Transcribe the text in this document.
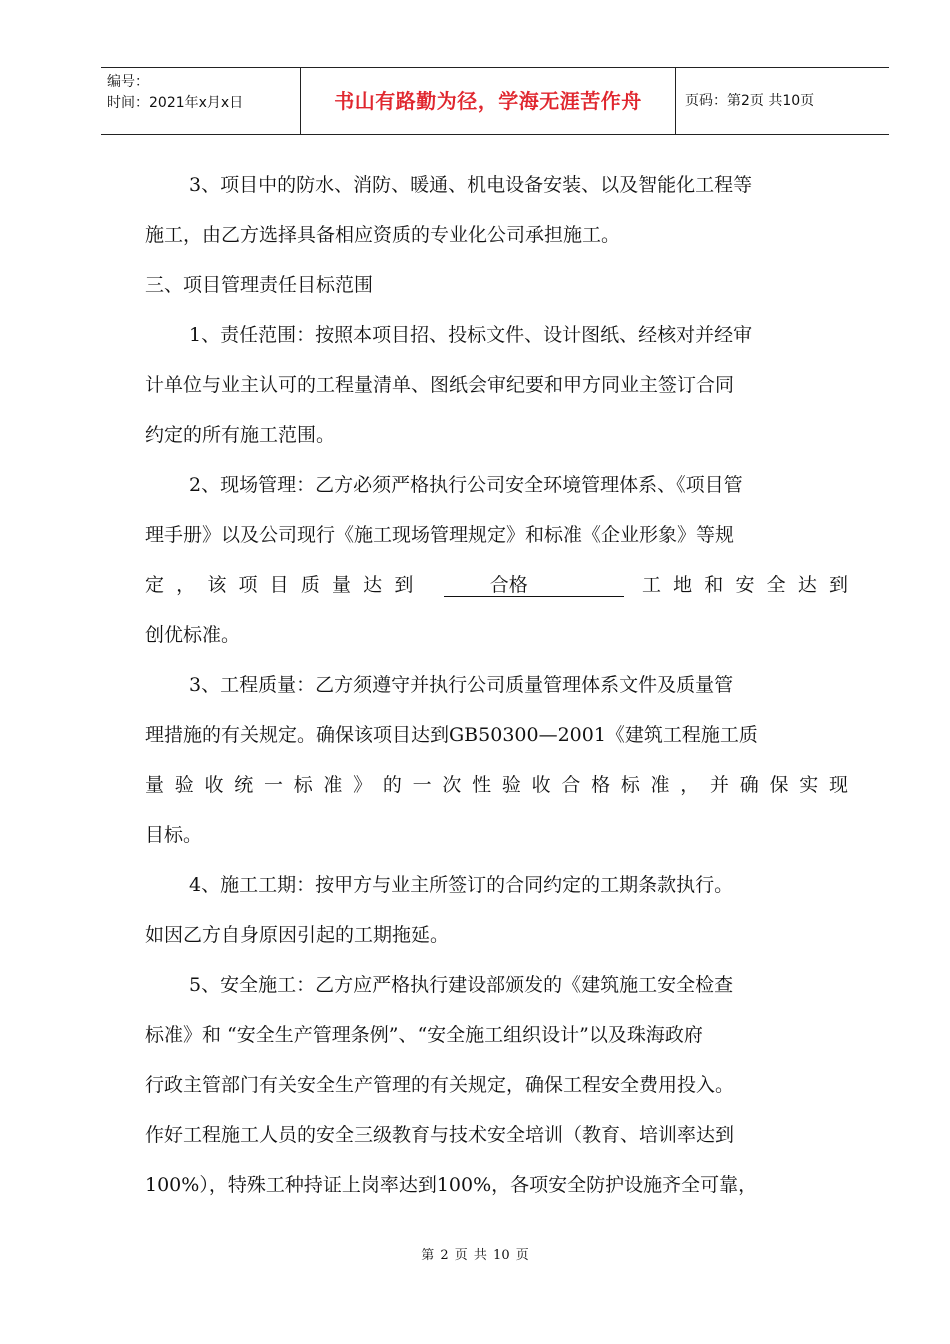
编号：
时间：2021年x月x日	书山有路勤为径，学海无涯苦作舟	页码：第2页 共10页
3、项目中的防水、消防、暖通、机电设备安装、以及智能化工程等
施工，由乙方选择具备相应资质的专业化公司承担施工。
三、项目管理责任目标范围
1、责任范围：按照本项目招、投标文件、设计图纸、经核对并经审
计单位与业主认可的工程量清单、图纸会审纪要和甲方同业主签订合同
约定的所有施工范围。
2、现场管理：乙方必须严格执行公司安全环境管理体系、《项目管
理手册》以及公司现行《施工现场管理规定》和标准《企业形象》等规
定，该项目质量达到	合格	工地和安全达到
创优标准。
3、工程质量：乙方须遵守并执行公司质量管理体系文件及质量管
理措施的有关规定。确保该项目达到GB50300—2001《建筑工程施工质
量验收统一标准》的一次性验收合格标准，并确保实现
目标。
4、施工工期：按甲方与业主所签订的合同约定的工期条款执行。
如因乙方自身原因引起的工期拖延。
5、安全施工：乙方应严格执行建设部颁发的《建筑施工安全检查
标准》和 “安全生产管理条例”、“安全施工组织设计”以及珠海政府
行政主管部门有关安全生产管理的有关规定，确保工程安全费用投入。
作好工程施工人员的安全三级教育与技术安全培训（教育、培训率达到
100%），特殊工种持证上岗率达到100%，各项安全防护设施齐全可靠，
第 2 页 共 10 页
